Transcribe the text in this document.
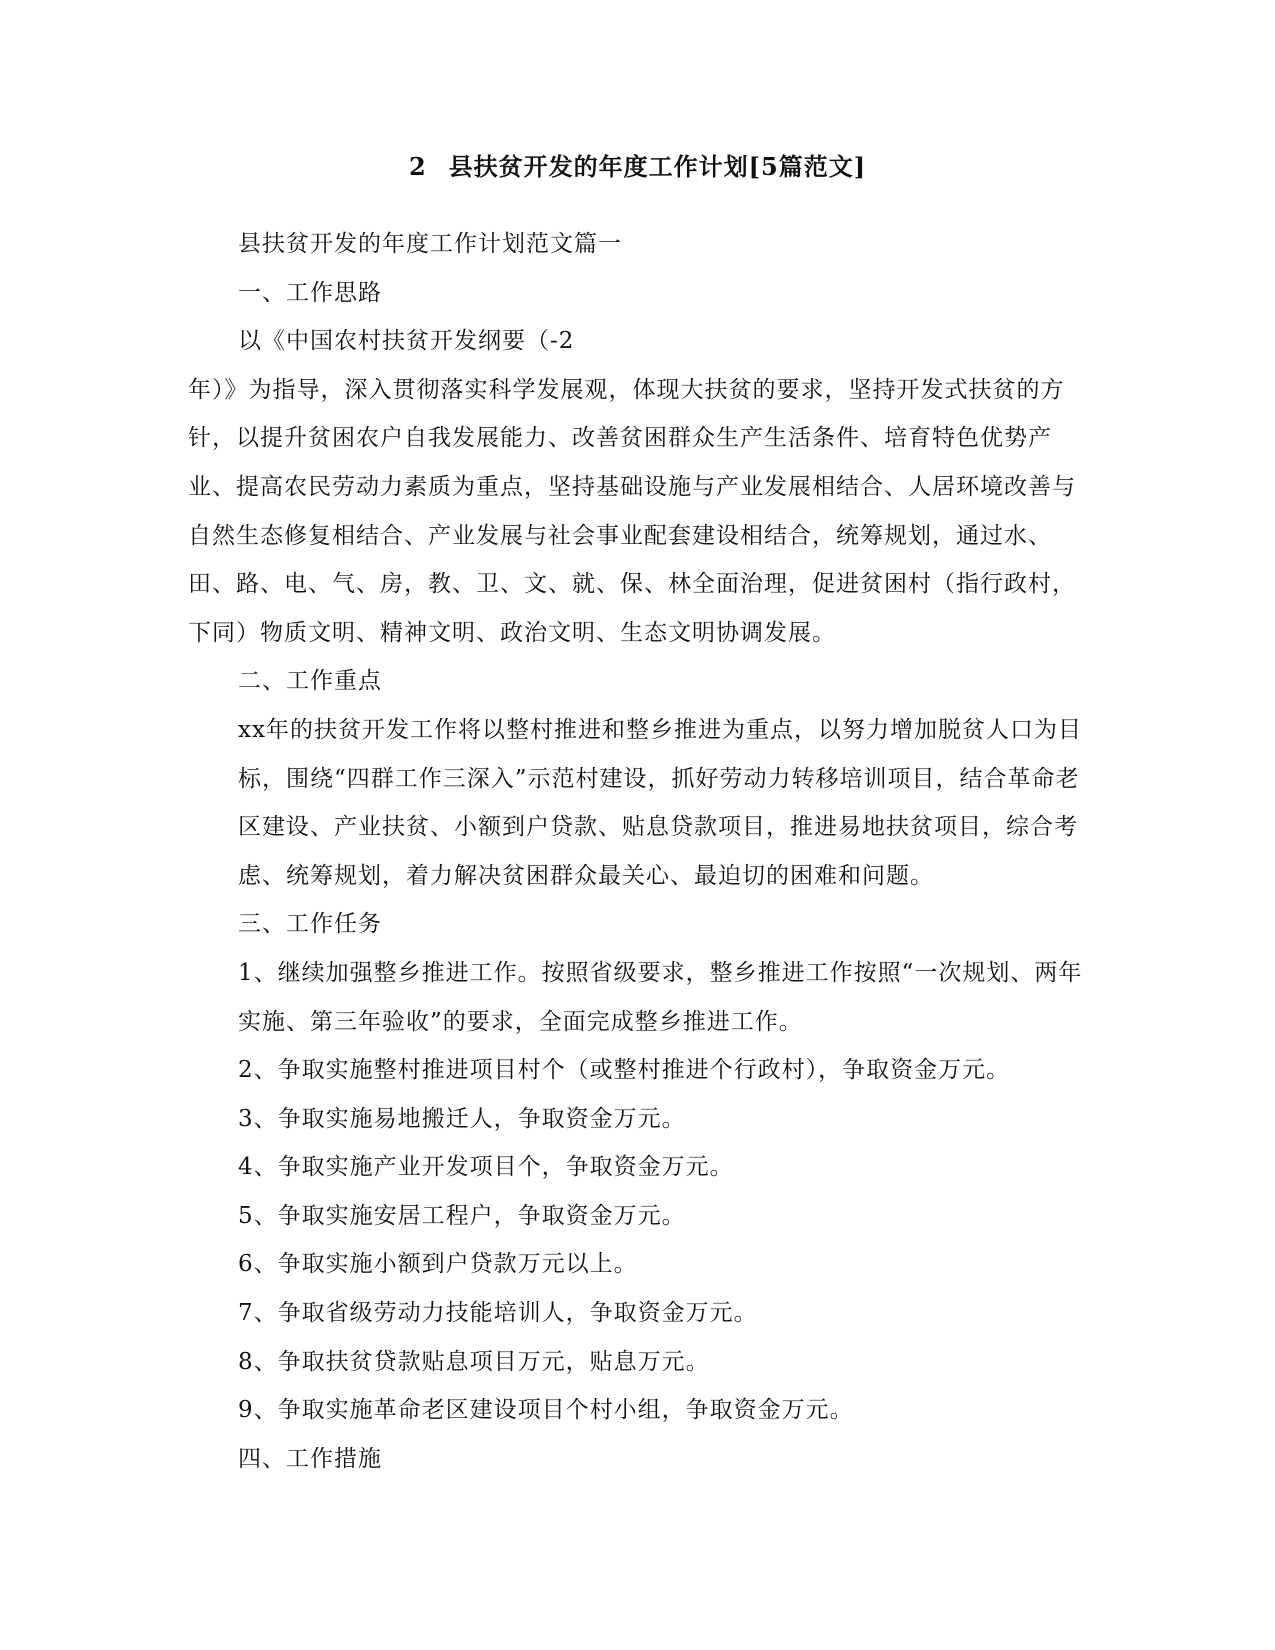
2 县扶贫开发的年度工作计划[5篇范文]

县扶贫开发的年度工作计划范文篇一

一、工作思路

以《中国农村扶贫开发纲要（-2

年）》为指导，深入贯彻落实科学发展观，体现大扶贫的要求，坚持开发式扶贫的方针，以提升贫困农户自我发展能力、改善贫困群众生产生活条件、培育特色优势产业、提高农民劳动力素质为重点，坚持基础设施与产业发展相结合、人居环境改善与自然生态修复相结合、产业发展与社会事业配套建设相结合，统筹规划，通过水、田、路、电、气、房，教、卫、文、就、保、林全面治理，促进贫困村（指行政村，下同）物质文明、精神文明、政治文明、生态文明协调发展。

二、工作重点

xx年的扶贫开发工作将以整村推进和整乡推进为重点，以努力增加脱贫人口为目标，围绕“四群工作三深入”示范村建设，抓好劳动力转移培训项目，结合革命老区建设、产业扶贫、小额到户贷款、贴息贷款项目，推进易地扶贫项目，综合考虑、统筹规划，着力解决贫困群众最关心、最迫切的困难和问题。

三、工作任务

1、继续加强整乡推进工作。按照省级要求，整乡推进工作按照“一次规划、两年实施、第三年验收”的要求，全面完成整乡推进工作。

2、争取实施整村推进项目村个（或整村推进个行政村），争取资金万元。

3、争取实施易地搬迁人，争取资金万元。

4、争取实施产业开发项目个，争取资金万元。

5、争取实施安居工程户，争取资金万元。

6、争取实施小额到户贷款万元以上。

7、争取省级劳动力技能培训人，争取资金万元。

8、争取扶贫贷款贴息项目万元，贴息万元。

9、争取实施革命老区建设项目个村小组，争取资金万元。

四、工作措施
